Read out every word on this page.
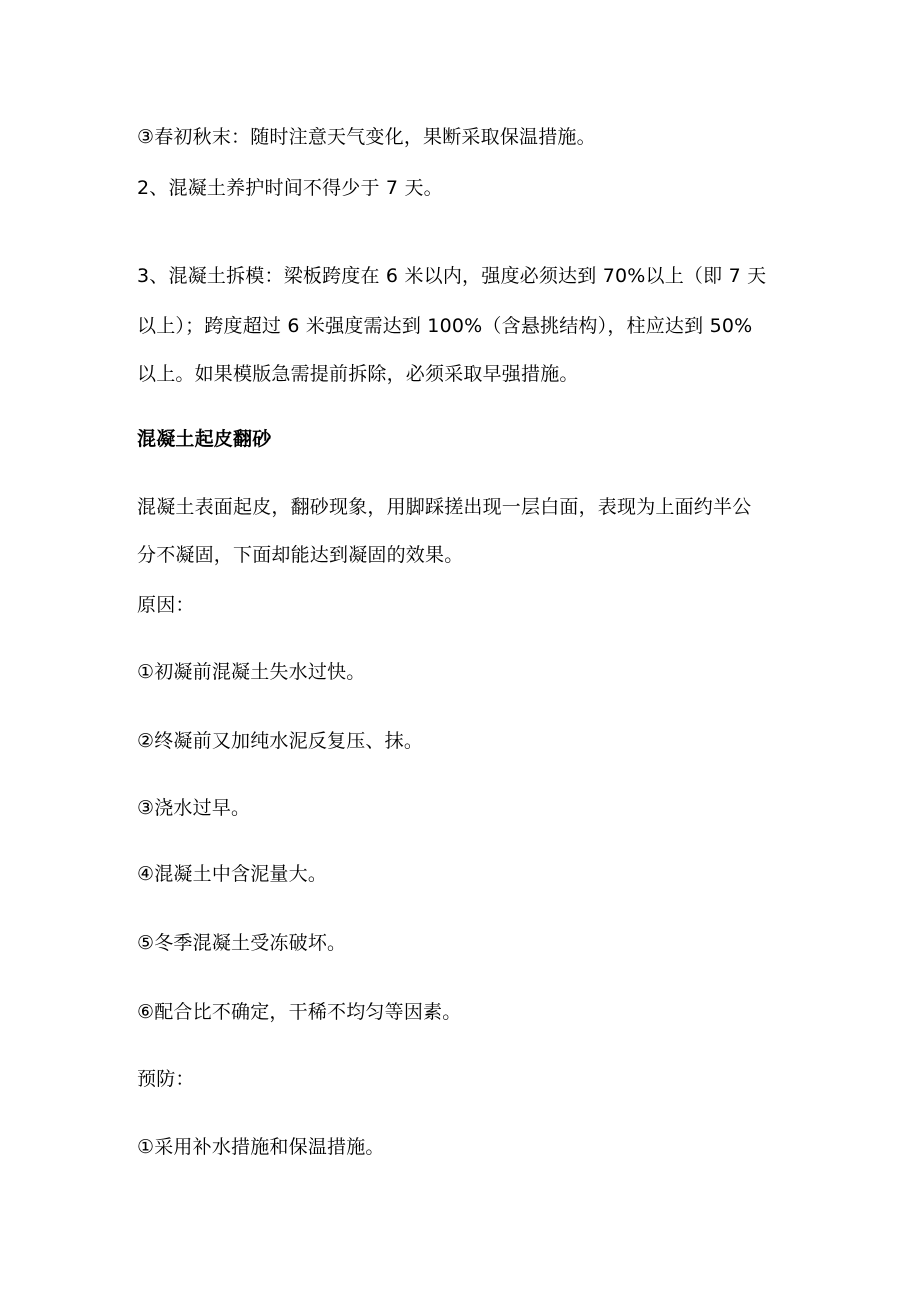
③春初秋末：随时注意天气变化，果断采取保温措施。
2、混凝土养护时间不得少于 7 天。
3、混凝土拆模：梁板跨度在 6 米以内，强度必须达到 70%以上（即 7 天
以上）；跨度超过 6 米强度需达到 100%（含悬挑结构），柱应达到 50%
以上。如果模版急需提前拆除，必须采取早强措施。
混凝土起皮翻砂
混凝土表面起皮，翻砂现象，用脚踩搓出现一层白面，表现为上面约半公
分不凝固，下面却能达到凝固的效果。
原因：
①初凝前混凝土失水过快。
②终凝前又加纯水泥反复压、抹。
③浇水过早。
④混凝土中含泥量大。
⑤冬季混凝土受冻破坏。
⑥配合比不确定，干稀不均匀等因素。
预防：
①采用补水措施和保温措施。
